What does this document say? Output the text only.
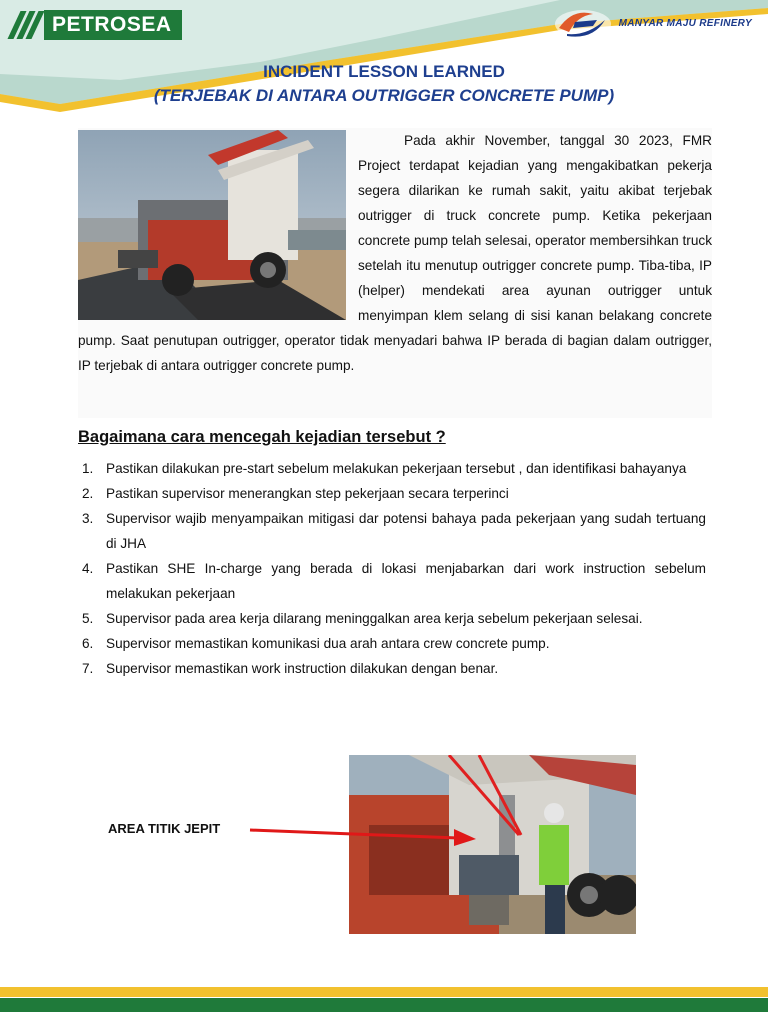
PETROSEA	MANYAR MAJU REFINERY

INCIDENT LESSON LEARNED

(TERJEBAK DI ANTARA OUTRIGGER CONCRETE PUMP)

Pada akhir November, tanggal 30 2023, FMR Project terdapat kejadian yang mengakibatkan pekerja segera dilarikan ke rumah sakit, yaitu akibat terjebak outrigger di truck concrete pump. Ketika pekerjaan concrete pump telah selesai, operator membersihkan truck setelah itu menutup outrigger concrete pump. Tiba-tiba, IP (helper) mendekati area ayunan outrigger untuk menyimpan klem selang di sisi kanan belakang concrete pump. Saat penutupan outrigger, operator tidak menyadari bahwa IP berada di bagian dalam outrigger, IP terjebak di antara outrigger concrete pump.

Bagaimana cara mencegah kejadian tersebut ?

1. Pastikan dilakukan pre-start sebelum melakukan pekerjaan tersebut , dan identifikasi bahayanya
2. Pastikan supervisor menerangkan step pekerjaan secara terperinci
3. Supervisor wajib menyampaikan mitigasi dar potensi bahaya pada pekerjaan yang sudah tertuang di JHA
4. Pastikan SHE In-charge yang berada di lokasi menjabarkan dari work instruction sebelum melakukan pekerjaan
5. Supervisor pada area kerja dilarang meninggalkan area kerja sebelum pekerjaan selesai.
6. Supervisor memastikan komunikasi dua arah antara crew concrete pump.
7. Supervisor memastikan work instruction dilakukan dengan benar.

AREA TITIK JEPIT
